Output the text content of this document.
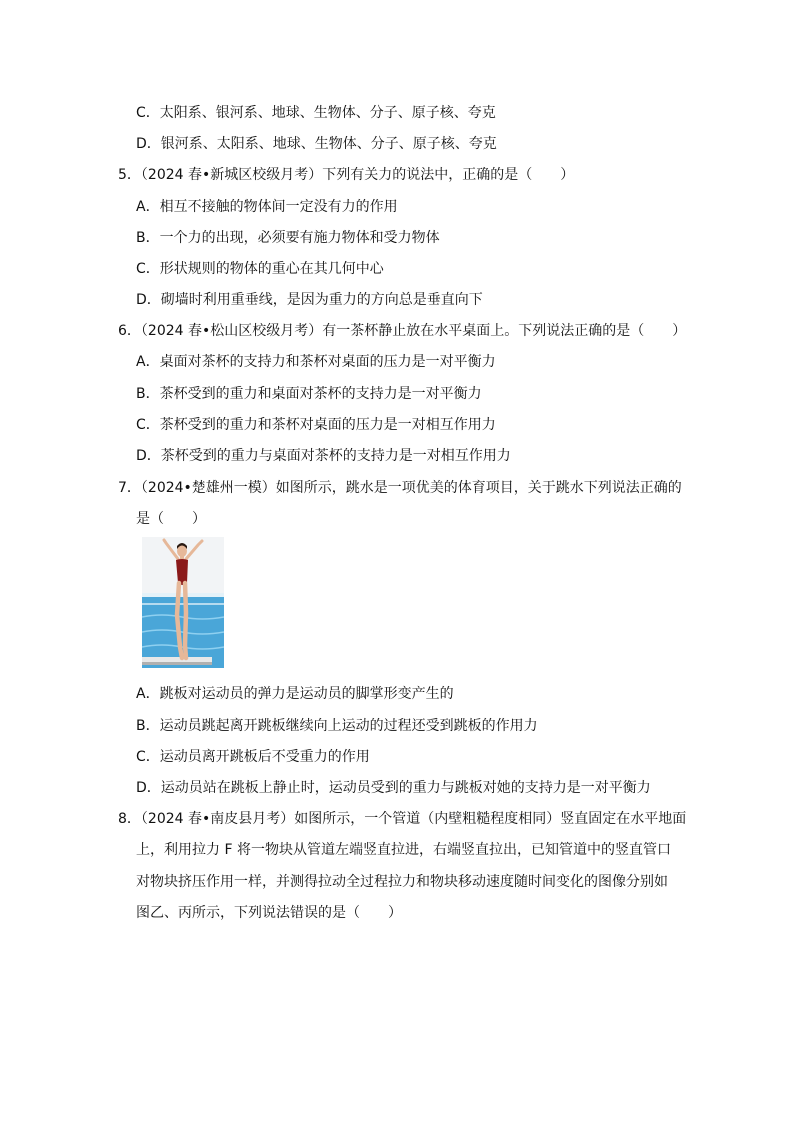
C．太阳系、银河系、地球、生物体、分子、原子核、夸克
D．银河系、太阳系、地球、生物体、分子、原子核、夸克
5．（2024 春•新城区校级月考）下列有关力的说法中，正确的是（　　）
A．相互不接触的物体间一定没有力的作用
B．一个力的出现，必须要有施力物体和受力物体
C．形状规则的物体的重心在其几何中心
D．砌墙时利用重垂线，是因为重力的方向总是垂直向下
6．（2024 春•松山区校级月考）有一茶杯静止放在水平桌面上。下列说法正确的是（　　）
A．桌面对茶杯的支持力和茶杯对桌面的压力是一对平衡力
B．茶杯受到的重力和桌面对茶杯的支持力是一对平衡力
C．茶杯受到的重力和茶杯对桌面的压力是一对相互作用力
D．茶杯受到的重力与桌面对茶杯的支持力是一对相互作用力
7．（2024•楚雄州一模）如图所示，跳水是一项优美的体育项目，关于跳水下列说法正确的
是（　　）
A．跳板对运动员的弹力是运动员的脚掌形变产生的
B．运动员跳起离开跳板继续向上运动的过程还受到跳板的作用力
C．运动员离开跳板后不受重力的作用
D．运动员站在跳板上静止时，运动员受到的重力与跳板对她的支持力是一对平衡力
8．（2024 春•南皮县月考）如图所示，一个管道（内壁粗糙程度相同）竖直固定在水平地面
上，利用拉力 F 将一物块从管道左端竖直拉进，右端竖直拉出，已知管道中的竖直管口
对物块挤压作用一样，并测得拉动全过程拉力和物块移动速度随时间变化的图像分别如
图乙、丙所示，下列说法错误的是（　　）
